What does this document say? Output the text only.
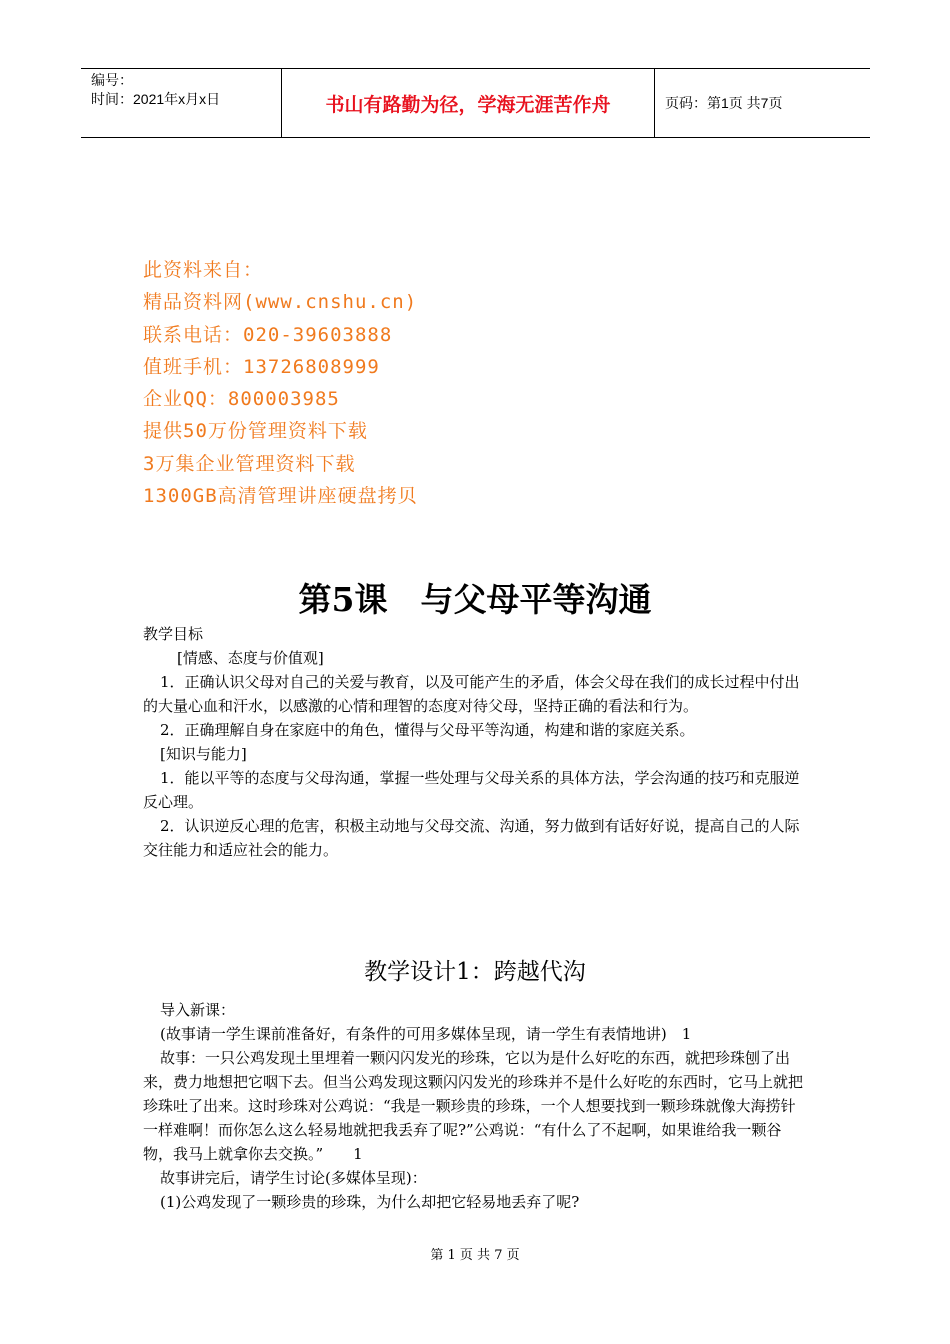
编号：
时间：2021年x月x日	书山有路勤为径，学海无涯苦作舟	页码：第1页 共7页
此资料来自：
精品资料网(www.cnshu.cn)
联系电话：020-39603888
值班手机：13726808999
企业QQ：800003985
提供50万份管理资料下载
3万集企业管理资料下载
1300GB高清管理讲座硬盘拷贝
第5课　与父母平等沟通

教学目标

[情感、态度与价值观]

1．正确认识父母对自己的关爱与教育，以及可能产生的矛盾，体会父母在我们的成长过程中付出的大量心血和汗水，以感激的心情和理智的态度对待父母，坚持正确的看法和行为。

2．正确理解自身在家庭中的角色，懂得与父母平等沟通，构建和谐的家庭关系。

[知识与能力]

1．能以平等的态度与父母沟通，掌握一些处理与父母关系的具体方法，学会沟通的技巧和克服逆反心理。

2．认识逆反心理的危害，积极主动地与父母交流、沟通，努力做到有话好好说，提高自己的人际交往能力和适应社会的能力。

教学设计1：跨越代沟

导入新课：

(故事请一学生课前准备好，有条件的可用多媒体呈现，请一学生有表情地讲)　1

故事：一只公鸡发现土里埋着一颗闪闪发光的珍珠，它以为是什么好吃的东西，就把珍珠刨了出来，费力地想把它咽下去。但当公鸡发现这颗闪闪发光的珍珠并不是什么好吃的东西时，它马上就把珍珠吐了出来。这时珍珠对公鸡说：“我是一颗珍贵的珍珠，一个人想要找到一颗珍珠就像大海捞针一样难啊！而你怎么这么轻易地就把我丢弃了呢?”公鸡说：“有什么了不起啊，如果谁给我一颗谷物，我马上就拿你去交换。”　　1

故事讲完后，请学生讨论(多媒体呈现)：

(1)公鸡发现了一颗珍贵的珍珠，为什么却把它轻易地丢弃了呢?

第 1 页 共 7 页
